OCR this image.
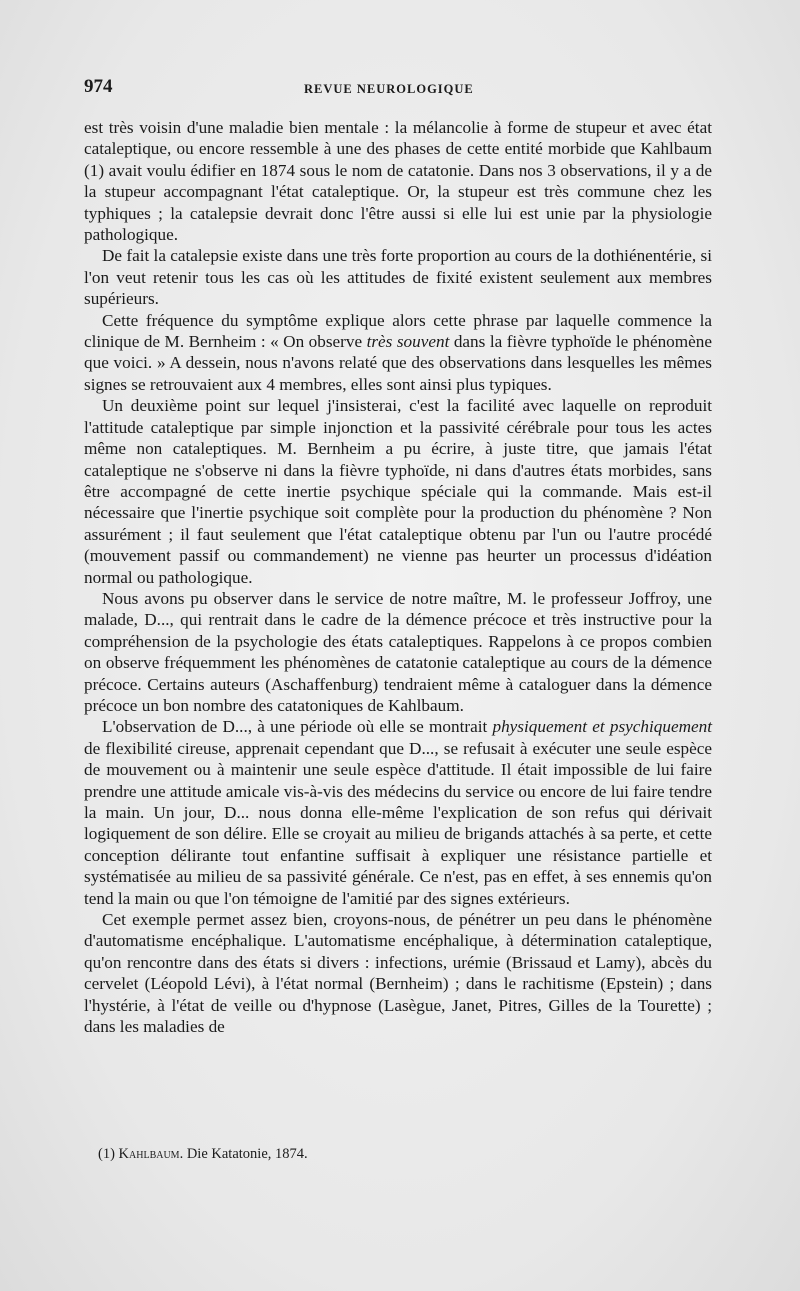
974	REVUE NEUROLOGIQUE

est très voisin d'une maladie bien mentale : la mélancolie à forme de stupeur et avec état cataleptique, ou encore ressemble à une des phases de cette entité morbide que Kahlbaum (1) avait voulu édifier en 1874 sous le nom de catatonie. Dans nos 3 observations, il y a de la stupeur accompagnant l'état cataleptique. Or, la stupeur est très commune chez les typhiques ; la catalepsie devrait donc l'être aussi si elle lui est unie par la physiologie pathologique.

De fait la catalepsie existe dans une très forte proportion au cours de la dothiénentérie, si l'on veut retenir tous les cas où les attitudes de fixité existent seulement aux membres supérieurs.

Cette fréquence du symptôme explique alors cette phrase par laquelle commence la clinique de M. Bernheim : « On observe très souvent dans la fièvre typhoïde le phénomène que voici. » A dessein, nous n'avons relaté que des observations dans lesquelles les mêmes signes se retrouvaient aux 4 membres, elles sont ainsi plus typiques.

Un deuxième point sur lequel j'insisterai, c'est la facilité avec laquelle on reproduit l'attitude cataleptique par simple injonction et la passivité cérébrale pour tous les actes même non cataleptiques. M. Bernheim a pu écrire, à juste titre, que jamais l'état cataleptique ne s'observe ni dans la fièvre typhoïde, ni dans d'autres états morbides, sans être accompagné de cette inertie psychique spéciale qui la commande. Mais est-il nécessaire que l'inertie psychique soit complète pour la production du phénomène ? Non assurément ; il faut seulement que l'état cataleptique obtenu par l'un ou l'autre procédé (mouvement passif ou commandement) ne vienne pas heurter un processus d'idéation normal ou pathologique.

Nous avons pu observer dans le service de notre maître, M. le professeur Joffroy, une malade, D..., qui rentrait dans le cadre de la démence précoce et très instructive pour la compréhension de la psychologie des états cataleptiques. Rappelons à ce propos combien on observe fréquemment les phénomènes de catatonie cataleptique au cours de la démence précoce. Certains auteurs (Aschaffenburg) tendraient même à cataloguer dans la démence précoce un bon nombre des catatoniques de Kahlbaum.

L'observation de D..., à une période où elle se montrait physiquement et psychiquement de flexibilité cireuse, apprenait cependant que D..., se refusait à exécuter une seule espèce de mouvement ou à maintenir une seule espèce d'attitude. Il était impossible de lui faire prendre une attitude amicale vis-à-vis des médecins du service ou encore de lui faire tendre la main. Un jour, D... nous donna elle-même l'explication de son refus qui dérivait logiquement de son délire. Elle se croyait au milieu de brigands attachés à sa perte, et cette conception délirante tout enfantine suffisait à expliquer une résistance partielle et systématisée au milieu de sa passivité générale. Ce n'est, pas en effet, à ses ennemis qu'on tend la main ou que l'on témoigne de l'amitié par des signes extérieurs.

Cet exemple permet assez bien, croyons-nous, de pénétrer un peu dans le phénomène d'automatisme encéphalique. L'automatisme encéphalique, à détermination cataleptique, qu'on rencontre dans des états si divers : infections, urémie (Brissaud et Lamy), abcès du cervelet (Léopold Lévi), à l'état normal (Bernheim) ; dans le rachitisme (Epstein) ; dans l'hystérie, à l'état de veille ou d'hypnose (Lasègue, Janet, Pitres, Gilles de la Tourette) ; dans les maladies de

(1) Kahlbaum. Die Katatonie, 1874.
